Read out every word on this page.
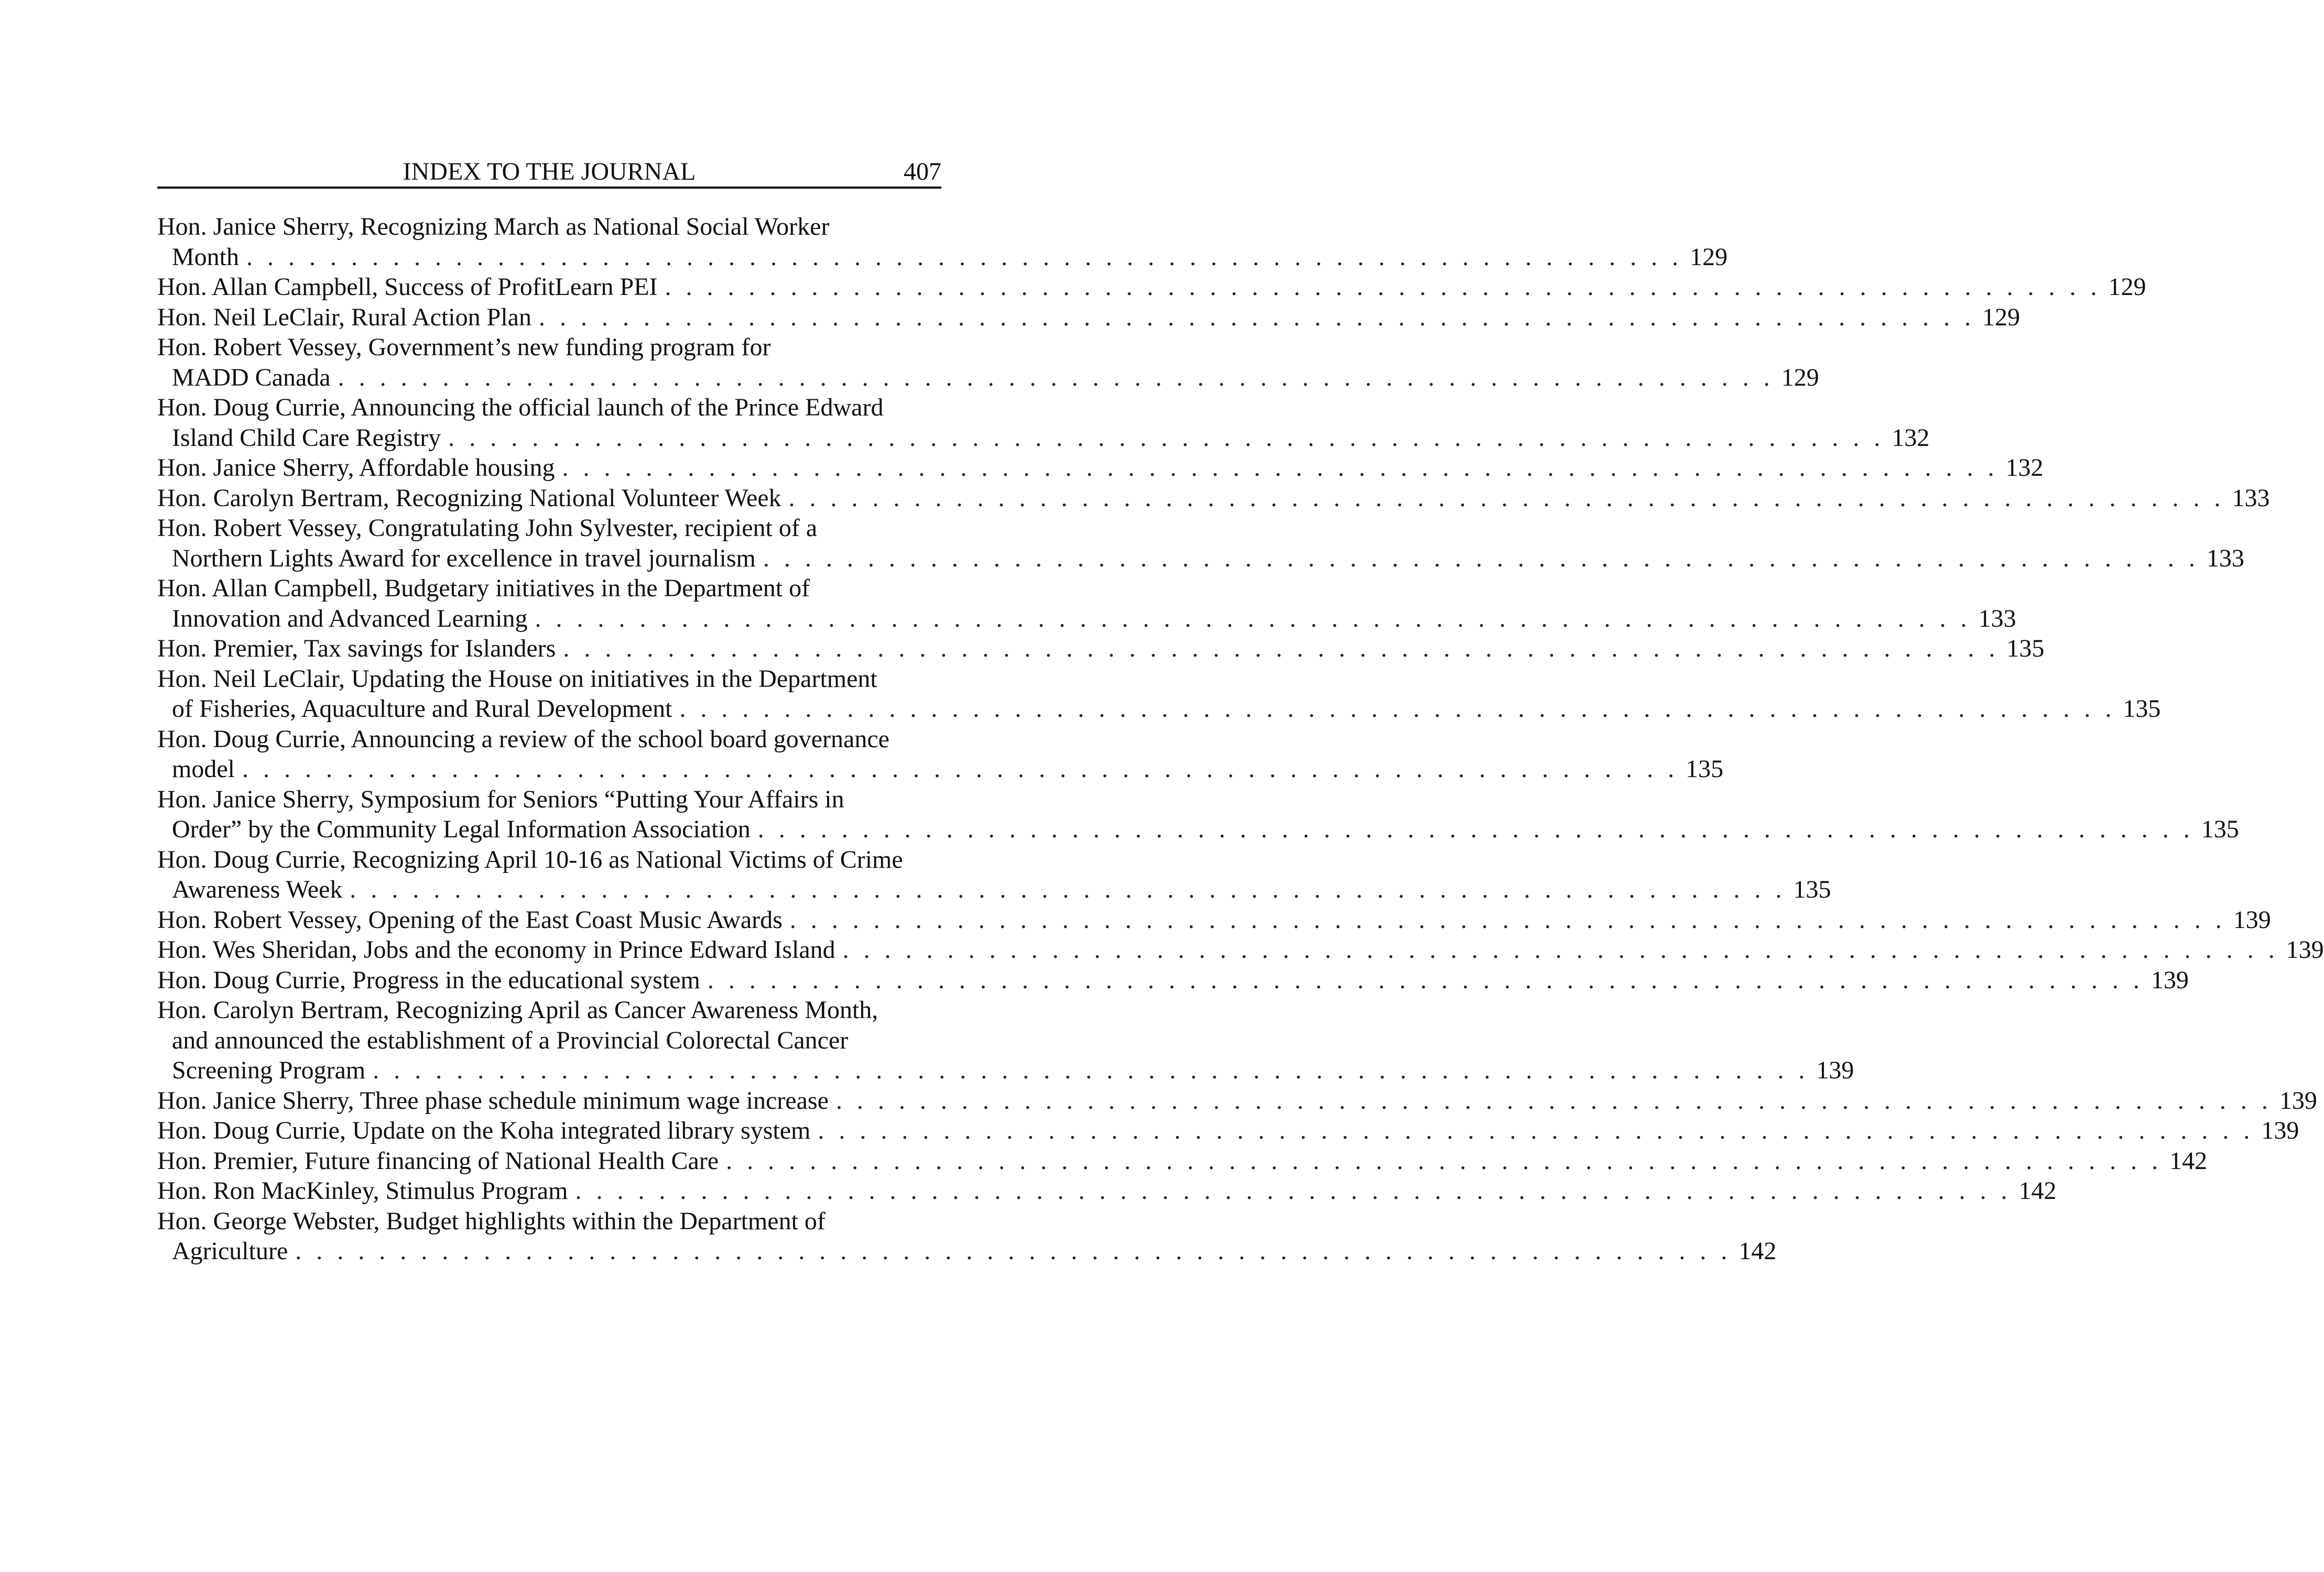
INDEX TO THE JOURNAL	407
Hon. Janice Sherry, Recognizing March as National Social Worker
Month . . . . . . . . . . . . . . . . . . . . . . . . . . . . . . . . . . . . . . . . . . . . . . . . . . . . . . . . . . . . . . . . . . . . . 129
Hon. Allan Campbell, Success of ProfitLearn PEI . . . . . . . . . . . . . . . . . . . . . . . . . . . . . . . . . . . . . . . . . . . . . . . . . . . . . . . . . . . . . . . . . . . . . 129
Hon. Neil LeClair, Rural Action Plan . . . . . . . . . . . . . . . . . . . . . . . . . . . . . . . . . . . . . . . . . . . . . . . . . . . . . . . . . . . . . . . . . . . . . 129
Hon. Robert Vessey, Government’s new funding program for
MADD Canada . . . . . . . . . . . . . . . . . . . . . . . . . . . . . . . . . . . . . . . . . . . . . . . . . . . . . . . . . . . . . . . . . . . . . 129
Hon. Doug Currie, Announcing the official launch of the Prince Edward
Island Child Care Registry . . . . . . . . . . . . . . . . . . . . . . . . . . . . . . . . . . . . . . . . . . . . . . . . . . . . . . . . . . . . . . . . . . . . . 132
Hon. Janice Sherry, Affordable housing . . . . . . . . . . . . . . . . . . . . . . . . . . . . . . . . . . . . . . . . . . . . . . . . . . . . . . . . . . . . . . . . . . . . . 132
Hon. Carolyn Bertram, Recognizing National Volunteer Week . . . . . . . . . . . . . . . . . . . . . . . . . . . . . . . . . . . . . . . . . . . . . . . . . . . . . . . . . . . . . . . . . . . . . 133
Hon. Robert Vessey, Congratulating John Sylvester, recipient of a
Northern Lights Award for excellence in travel journalism . . . . . . . . . . . . . . . . . . . . . . . . . . . . . . . . . . . . . . . . . . . . . . . . . . . . . . . . . . . . . . . . . . . . . 133
Hon. Allan Campbell, Budgetary initiatives in the Department of
Innovation and Advanced Learning . . . . . . . . . . . . . . . . . . . . . . . . . . . . . . . . . . . . . . . . . . . . . . . . . . . . . . . . . . . . . . . . . . . . . 133
Hon. Premier, Tax savings for Islanders . . . . . . . . . . . . . . . . . . . . . . . . . . . . . . . . . . . . . . . . . . . . . . . . . . . . . . . . . . . . . . . . . . . . . 135
Hon. Neil LeClair, Updating the House on initiatives in the Department
of Fisheries, Aquaculture and Rural Development . . . . . . . . . . . . . . . . . . . . . . . . . . . . . . . . . . . . . . . . . . . . . . . . . . . . . . . . . . . . . . . . . . . . . 135
Hon. Doug Currie, Announcing a review of the school board governance
model . . . . . . . . . . . . . . . . . . . . . . . . . . . . . . . . . . . . . . . . . . . . . . . . . . . . . . . . . . . . . . . . . . . . . 135
Hon. Janice Sherry, Symposium for Seniors “Putting Your Affairs in
Order” by the Community Legal Information Association . . . . . . . . . . . . . . . . . . . . . . . . . . . . . . . . . . . . . . . . . . . . . . . . . . . . . . . . . . . . . . . . . . . . . 135
Hon. Doug Currie, Recognizing April 10-16 as National Victims of Crime
Awareness Week . . . . . . . . . . . . . . . . . . . . . . . . . . . . . . . . . . . . . . . . . . . . . . . . . . . . . . . . . . . . . . . . . . . . . 135
Hon. Robert Vessey, Opening of the East Coast Music Awards . . . . . . . . . . . . . . . . . . . . . . . . . . . . . . . . . . . . . . . . . . . . . . . . . . . . . . . . . . . . . . . . . . . . . 139
Hon. Wes Sheridan, Jobs and the economy in Prince Edward Island . . . . . . . . . . . . . . . . . . . . . . . . . . . . . . . . . . . . . . . . . . . . . . . . . . . . . . . . . . . . . . . . . . . . . 139
Hon. Doug Currie, Progress in the educational system . . . . . . . . . . . . . . . . . . . . . . . . . . . . . . . . . . . . . . . . . . . . . . . . . . . . . . . . . . . . . . . . . . . . . 139
Hon. Carolyn Bertram, Recognizing April as Cancer Awareness Month,
and announced the establishment of a Provincial Colorectal Cancer
Screening Program . . . . . . . . . . . . . . . . . . . . . . . . . . . . . . . . . . . . . . . . . . . . . . . . . . . . . . . . . . . . . . . . . . . . . 139
Hon. Janice Sherry, Three phase schedule minimum wage increase . . . . . . . . . . . . . . . . . . . . . . . . . . . . . . . . . . . . . . . . . . . . . . . . . . . . . . . . . . . . . . . . . . . . . 139
Hon. Doug Currie, Update on the Koha integrated library system . . . . . . . . . . . . . . . . . . . . . . . . . . . . . . . . . . . . . . . . . . . . . . . . . . . . . . . . . . . . . . . . . . . . . 139
Hon. Premier, Future financing of National Health Care . . . . . . . . . . . . . . . . . . . . . . . . . . . . . . . . . . . . . . . . . . . . . . . . . . . . . . . . . . . . . . . . . . . . . 142
Hon. Ron MacKinley, Stimulus Program . . . . . . . . . . . . . . . . . . . . . . . . . . . . . . . . . . . . . . . . . . . . . . . . . . . . . . . . . . . . . . . . . . . . . 142
Hon. George Webster, Budget highlights within the Department of
Agriculture . . . . . . . . . . . . . . . . . . . . . . . . . . . . . . . . . . . . . . . . . . . . . . . . . . . . . . . . . . . . . . . . . . . . . 142
